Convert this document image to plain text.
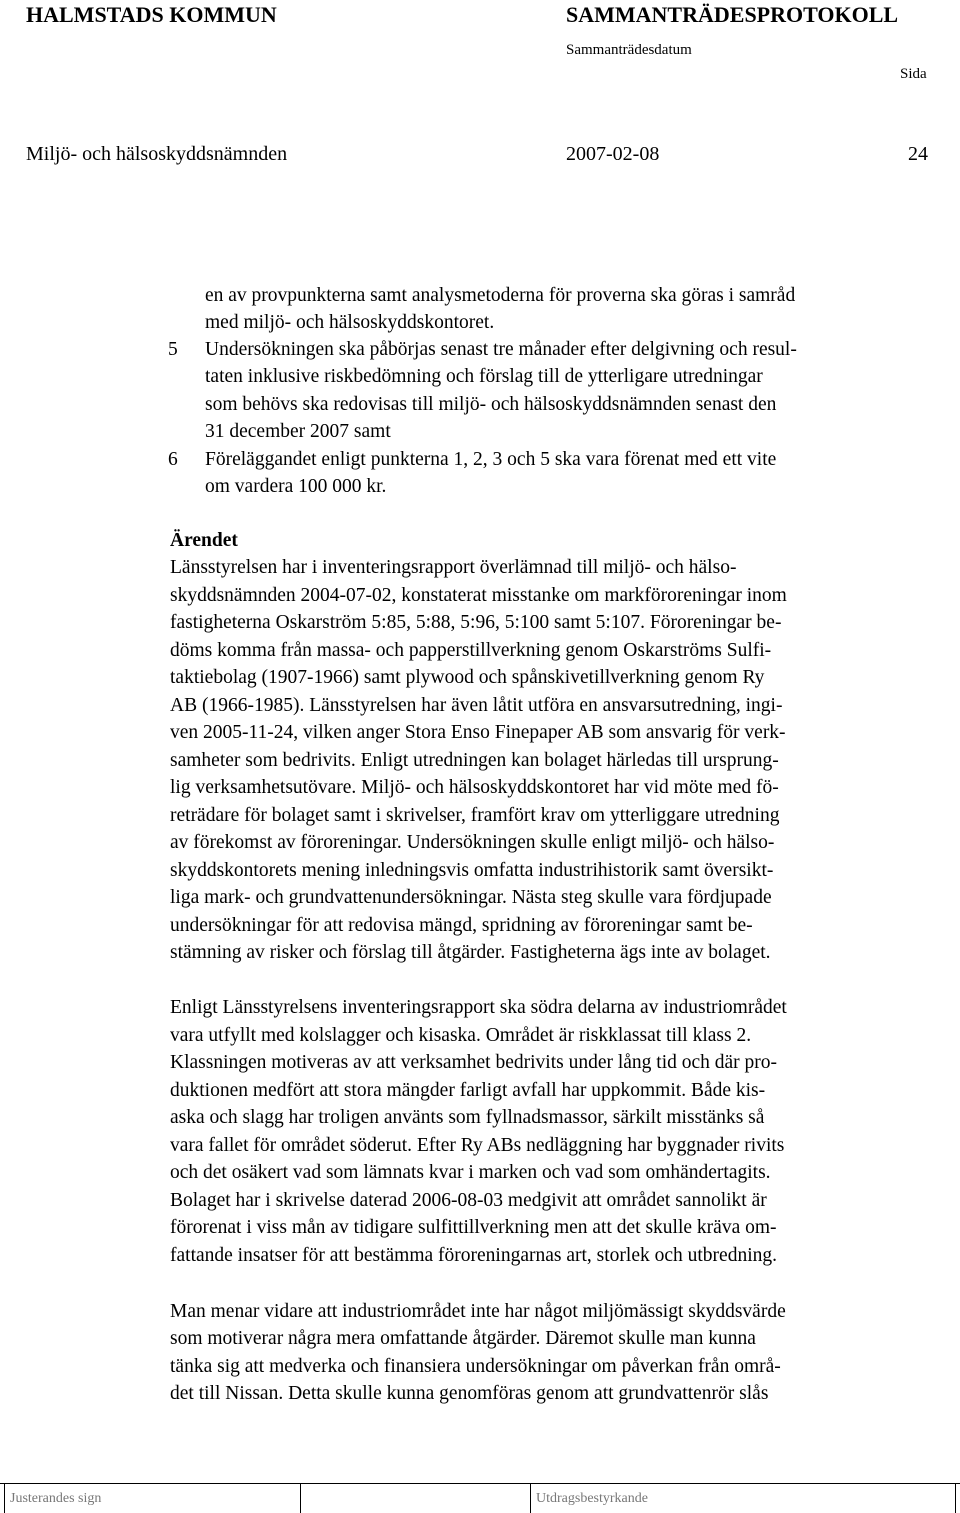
HALMSTADS KOMMUN	SAMMANTRÄDESPROTOKOLL
Sammanträdesdatum
Sida
Miljö- och hälsoskyddsnämnden	2007-02-08	24
en av provpunkterna samt analysmetoderna för proverna ska göras i samråd
med miljö- och hälsoskyddskontoret.
5 Undersökningen ska påbörjas senast tre månader efter delgivning och resul-
taten inklusive riskbedömning och förslag till de ytterligare utredningar
som behövs ska redovisas till miljö- och hälsoskyddsnämnden senast den
31 december 2007 samt
6 Föreläggandet enligt punkterna 1, 2, 3 och 5 ska vara förenat med ett vite
om vardera 100 000 kr.
Ärendet
Länsstyrelsen har i inventeringsrapport överlämnad till miljö- och hälso-
skyddsnämnden 2004-07-02, konstaterat misstanke om markföroreningar inom
fastigheterna Oskarström 5:85, 5:88, 5:96, 5:100 samt 5:107. Föroreningar be-
döms komma från massa- och papperstillverkning genom Oskarströms Sulfi-
taktiebolag (1907-1966) samt plywood och spånskivetillverkning genom Ry
AB (1966-1985). Länsstyrelsen har även låtit utföra en ansvarsutredning, ingi-
ven 2005-11-24, vilken anger Stora Enso Finepaper AB som ansvarig för verk-
samheter som bedrivits. Enligt utredningen kan bolaget härledas till ursprung-
lig verksamhetsutövare. Miljö- och hälsoskyddskontoret har vid möte med fö-
reträdare för bolaget samt i skrivelser, framfört krav om ytterliggare utredning
av förekomst av föroreningar. Undersökningen skulle enligt miljö- och hälso-
skyddskontorets mening inledningsvis omfatta industrihistorik samt översikt-
liga mark- och grundvattenundersökningar. Nästa steg skulle vara fördjupade
undersökningar för att redovisa mängd, spridning av föroreningar samt be-
stämning av risker och förslag till åtgärder. Fastigheterna ägs inte av bolaget.
Enligt Länsstyrelsens inventeringsrapport ska södra delarna av industriområdet
vara utfyllt med kolslagger och kisaska. Området är riskklassat till klass 2.
Klassningen motiveras av att verksamhet bedrivits under lång tid och där pro-
duktionen medfört att stora mängder farligt avfall har uppkommit. Både kis-
aska och slagg har troligen använts som fyllnadsmassor, särkilt misstänks så
vara fallet för området söderut. Efter Ry ABs nedläggning har byggnader rivits
och det osäkert vad som lämnats kvar i marken och vad som omhändertagits.
Bolaget har i skrivelse daterad 2006-08-03 medgivit att området sannolikt är
förorenat i viss mån av tidigare sulfittillverkning men att det skulle kräva om-
fattande insatser för att bestämma föroreningarnas art, storlek och utbredning.
Man menar vidare att industriområdet inte har något miljömässigt skyddsvärde
som motiverar några mera omfattande åtgärder. Däremot skulle man kunna
tänka sig att medverka och finansiera undersökningar om påverkan från områ-
det till Nissan. Detta skulle kunna genomföras genom att grundvattenrör slås
Justerandes sign	Utdragsbestyrkande
